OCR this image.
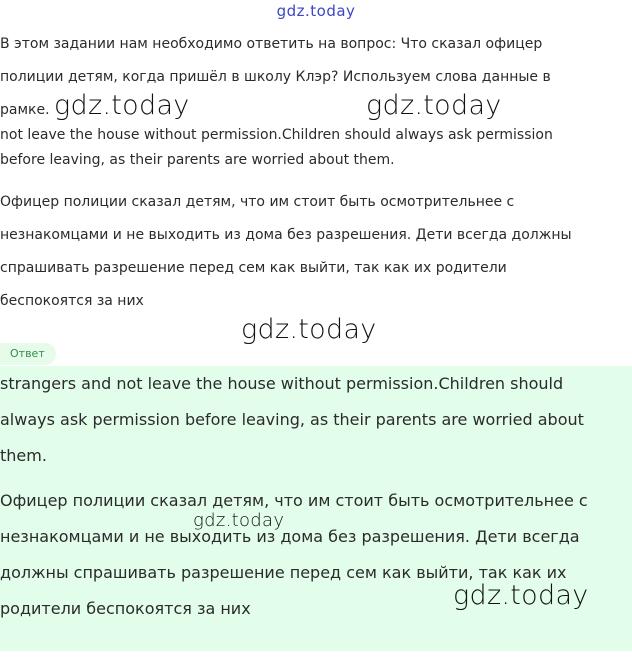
gdz.today
В этом задании нам необходимо ответить на вопрос: Что сказал офицер
полиции детям, когда пришёл в школу Клэр? Используем слова данные в
рамке.
not leave the house without permission.Children should always ask permission
before leaving, as their parents are worried about them.
Офицер полиции сказал детям, что им стоит быть осмотрительнее с
незнакомцами и не выходить из дома без разрешения. Дети всегда должны
спрашивать разрешение перед сем как выйти, так как их родители
беспокоятся за них
gdz.today	gdz.today
gdz.today
Ответ
strangers and not leave the house without permission.Children should
always ask permission before leaving, as their parents are worried about
them.
Офицер полиции сказал детям, что им стоит быть осмотрительнее с
незнакомцами и не выходить из дома без разрешения. Дети всегда
должны спрашивать разрешение перед сем как выйти, так как их
родители беспокоятся за них
gdz.today
gdz.today
